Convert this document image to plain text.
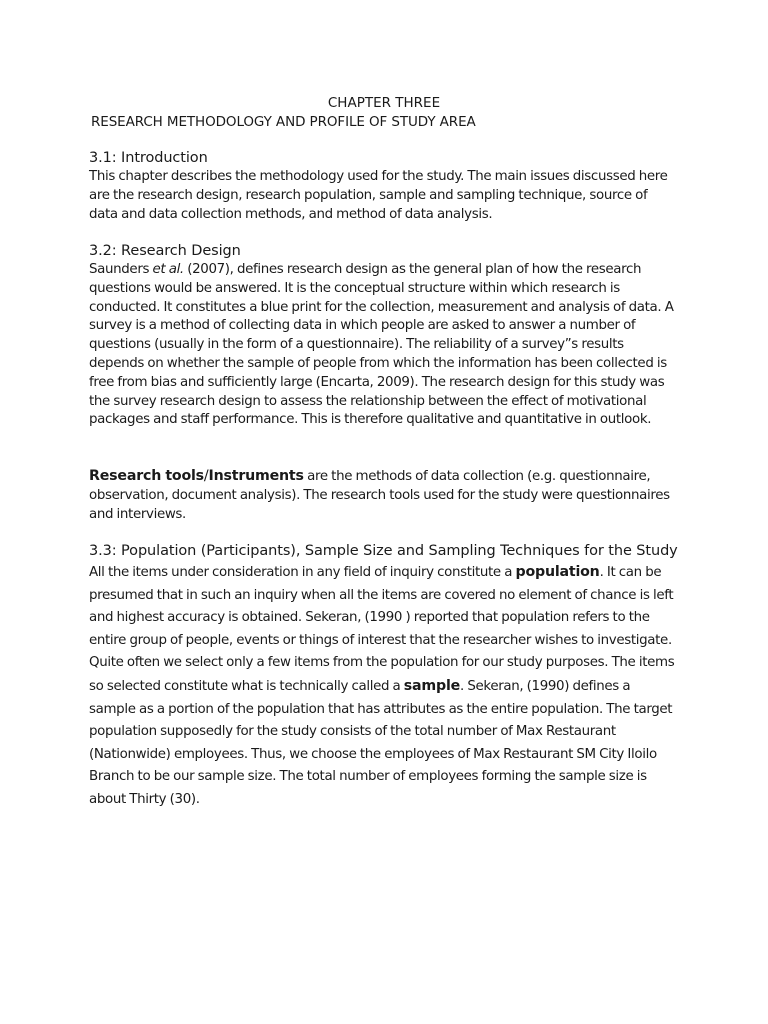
CHAPTER THREE
RESEARCH METHODOLOGY AND PROFILE OF STUDY AREA
3.1: Introduction

This chapter describes the methodology used for the study. The main issues discussed here are the research design, research population, sample and sampling technique, source of data and data collection methods, and method of data analysis.

3.2: Research Design

Saunders et al. (2007), defines research design as the general plan of how the research questions would be answered. It is the conceptual structure within which research is conducted. It constitutes a blue print for the collection, measurement and analysis of data. A survey is a method of collecting data in which people are asked to answer a number of questions (usually in the form of a questionnaire). The reliability of a survey”s results depends on whether the sample of people from which the information has been collected is free from bias and sufficiently large (Encarta, 2009). The research design for this study was the survey research design to assess the relationship between the effect of motivational packages and staff performance. This is therefore qualitative and quantitative in outlook.

Research tools/Instruments are the methods of data collection (e.g. questionnaire, observation, document analysis). The research tools used for the study were questionnaires and interviews.

3.3: Population (Participants), Sample Size and Sampling Techniques for the Study

All the items under consideration in any field of inquiry constitute a population. It can be presumed that in such an inquiry when all the items are covered no element of chance is left and highest accuracy is obtained. Sekeran, (1990 ) reported that population refers to the entire group of people, events or things of interest that the researcher wishes to investigate. Quite often we select only a few items from the population for our study purposes. The items so selected constitute what is technically called a sample. Sekeran, (1990) defines a sample as a portion of the population that has attributes as the entire population. The target population supposedly for the study consists of the total number of Max Restaurant (Nationwide) employees. Thus, we choose the employees of Max Restaurant SM City Iloilo Branch to be our sample size. The total number of employees forming the sample size is about Thirty (30).
